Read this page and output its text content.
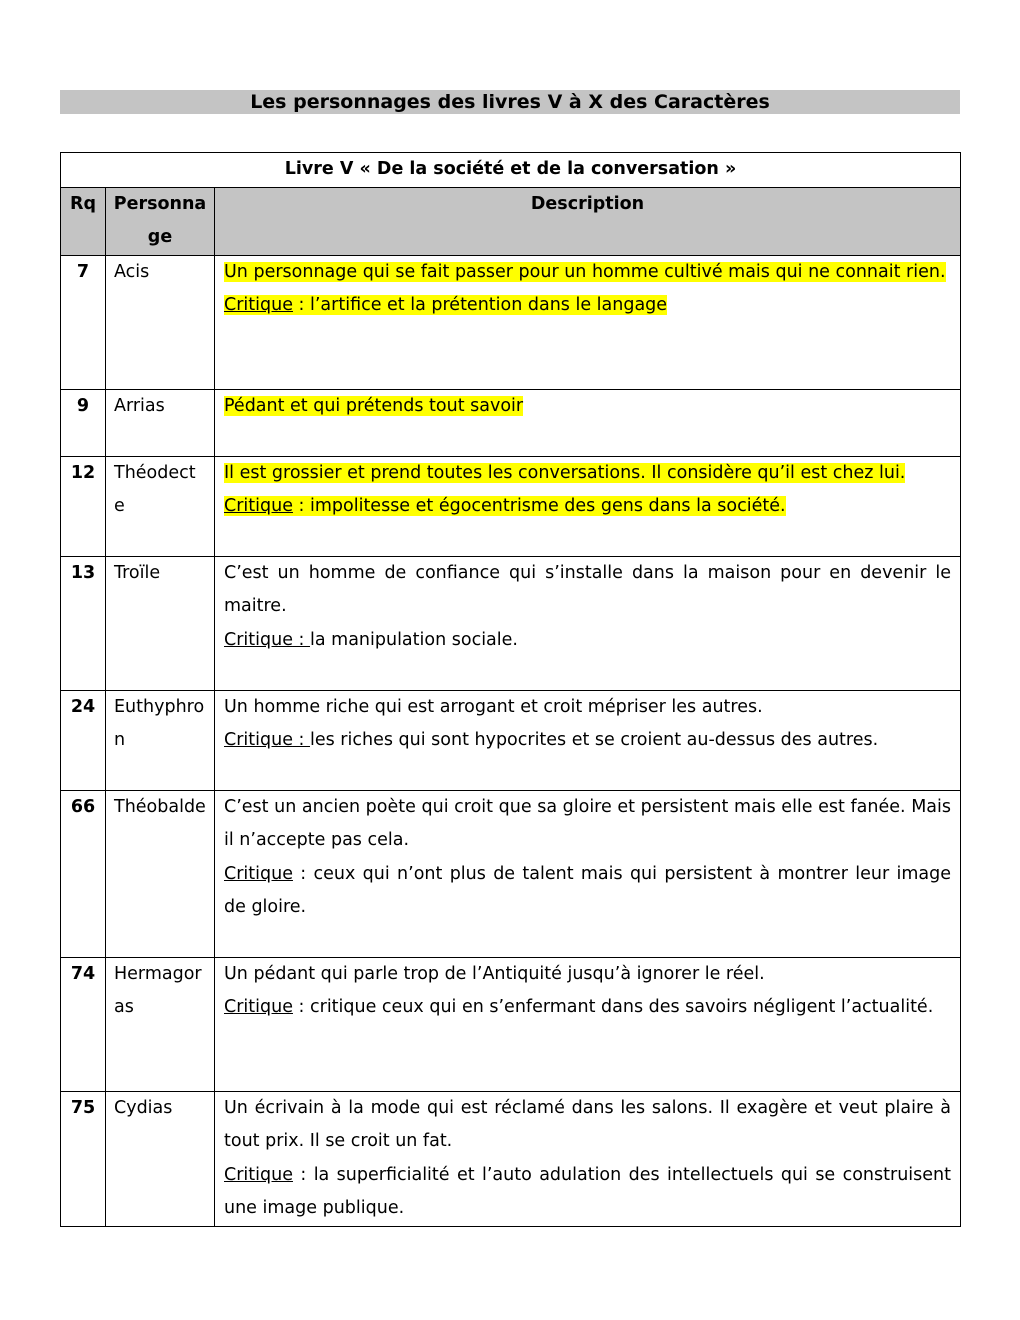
Les personnages des livres V à X des Caractères
Livre V « De la société et de la conversation »		
Rq	Personnage	Description
7	Acis	Un personnage qui se fait passer pour un homme cultivé mais qui ne connait rien.

Critique : l’artifice et la prétention dans le langage

9	Arrias	Pédant et qui prétends tout savoir

12	Théodecte	Il est grossier et prend toutes les conversations. Il considère qu’il est chez lui.

Critique : impolitesse et égocentrisme des gens dans la société.

13	Troïle	C’est un homme de confiance qui s’installe dans la maison pour en devenir le maitre.

Critique : la manipulation sociale.

24	Euthyphron	Un homme riche qui est arrogant et croit mépriser les autres.

Critique : les riches qui sont hypocrites et se croient au-dessus des autres.

66	Théobalde	C’est un ancien poète qui croit que sa gloire et persistent mais elle est fanée. Mais il n’accepte pas cela.

Critique : ceux qui n’ont plus de talent mais qui persistent à montrer leur image de gloire.

74	Hermagoras	Un pédant qui parle trop de l’Antiquité jusqu’à ignorer le réel.

Critique : critique ceux qui en s’enfermant dans des savoirs négligent l’actualité.

75	Cydias	Un écrivain à la mode qui est réclamé dans les salons. Il exagère et veut plaire à tout prix. Il se croit un fat.

Critique : la superficialité et l’auto adulation des intellectuels qui se construisent une image publique.
